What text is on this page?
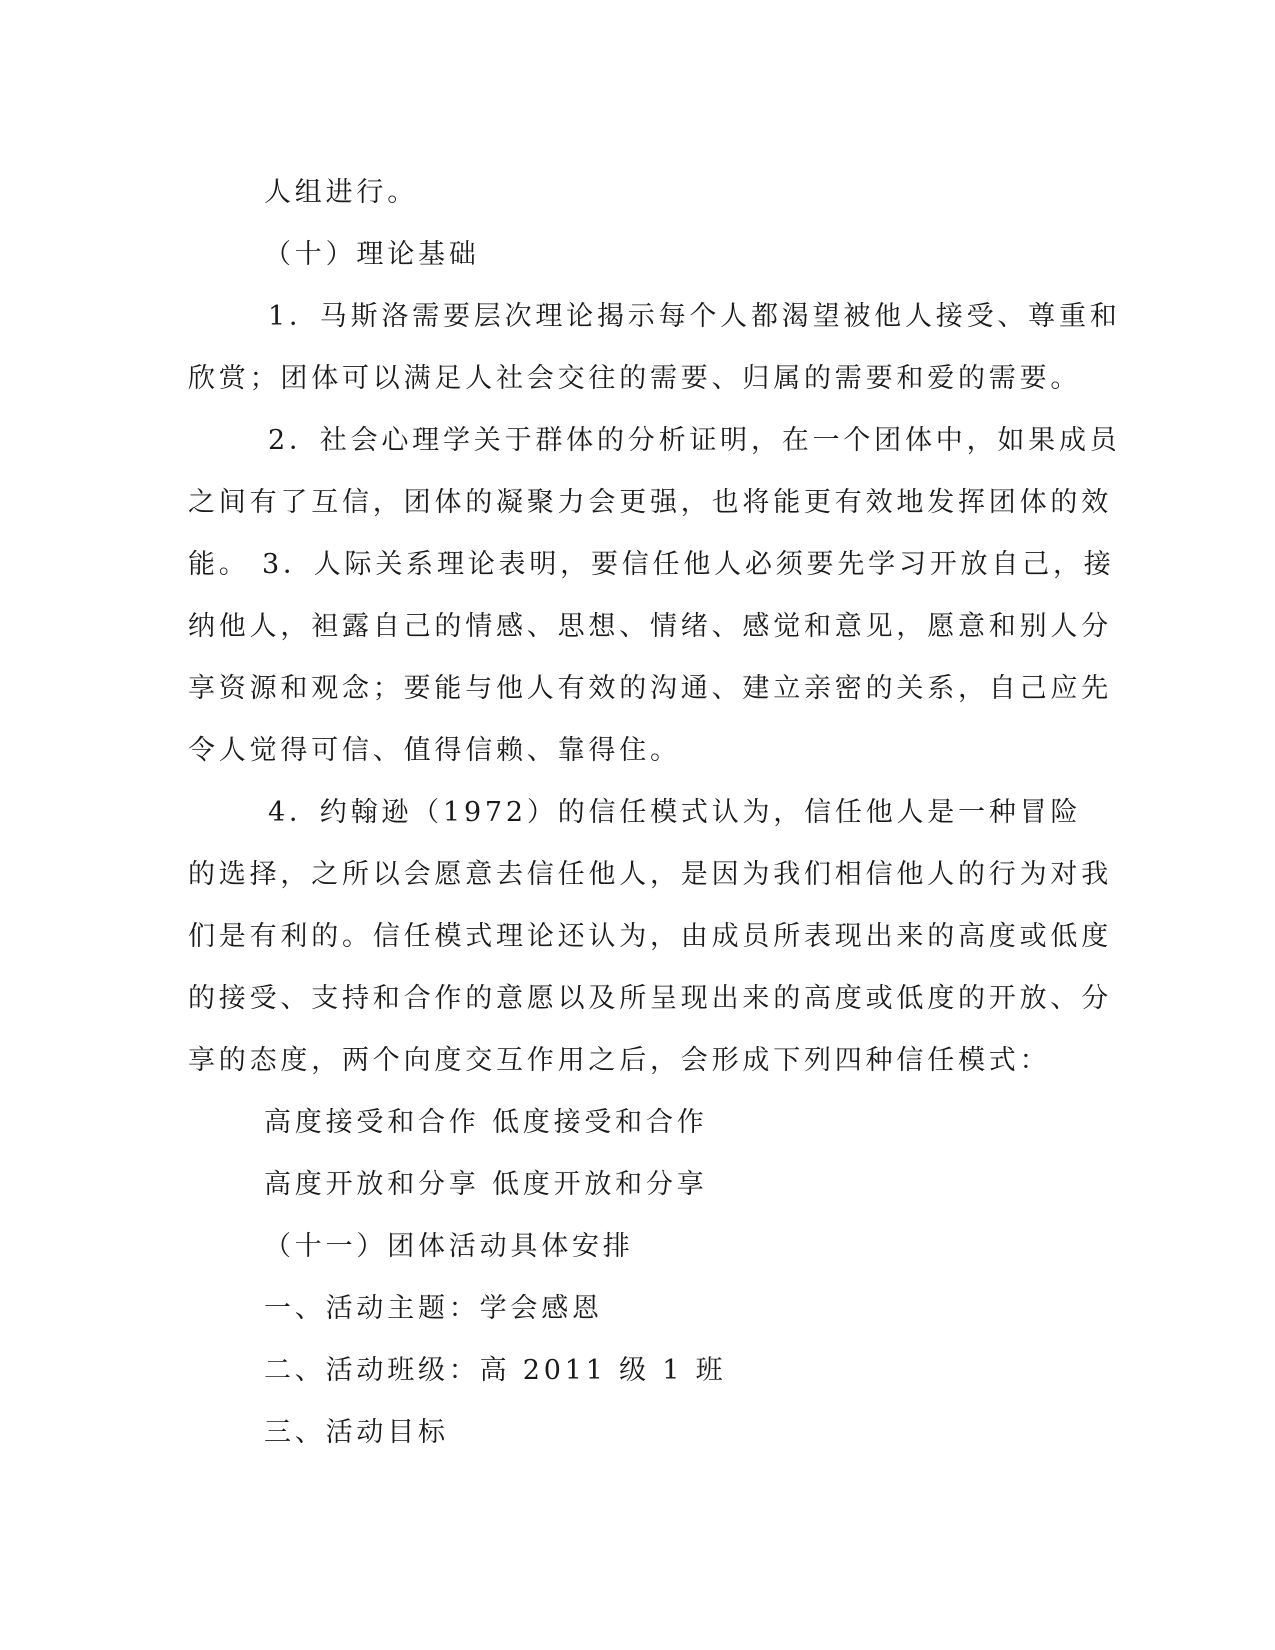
人组进行。
（十）理论基础
1．马斯洛需要层次理论揭示每个人都渴望被他人接受、尊重和
欣赏；团体可以满足人社会交往的需要、归属的需要和爱的需要。
2．社会心理学关于群体的分析证明，在一个团体中，如果成员
之间有了互信，团体的凝聚力会更强，也将能更有效地发挥团体的效
能。 3．人际关系理论表明，要信任他人必须要先学习开放自己，接
纳他人，袒露自己的情感、思想、情绪、感觉和意见，愿意和别人分
享资源和观念；要能与他人有效的沟通、建立亲密的关系，自己应先
令人觉得可信、值得信赖、靠得住。
4．约翰逊（1972）的信任模式认为，信任他人是一种冒险
的选择，之所以会愿意去信任他人，是因为我们相信他人的行为对我
们是有利的。信任模式理论还认为，由成员所表现出来的高度或低度
的接受、支持和合作的意愿以及所呈现出来的高度或低度的开放、分
享的态度，两个向度交互作用之后，会形成下列四种信任模式：
高度接受和合作 低度接受和合作
高度开放和分享 低度开放和分享
（十一）团体活动具体安排
一、活动主题：学会感恩
二、活动班级：高 2011 级 1 班
三、活动目标
